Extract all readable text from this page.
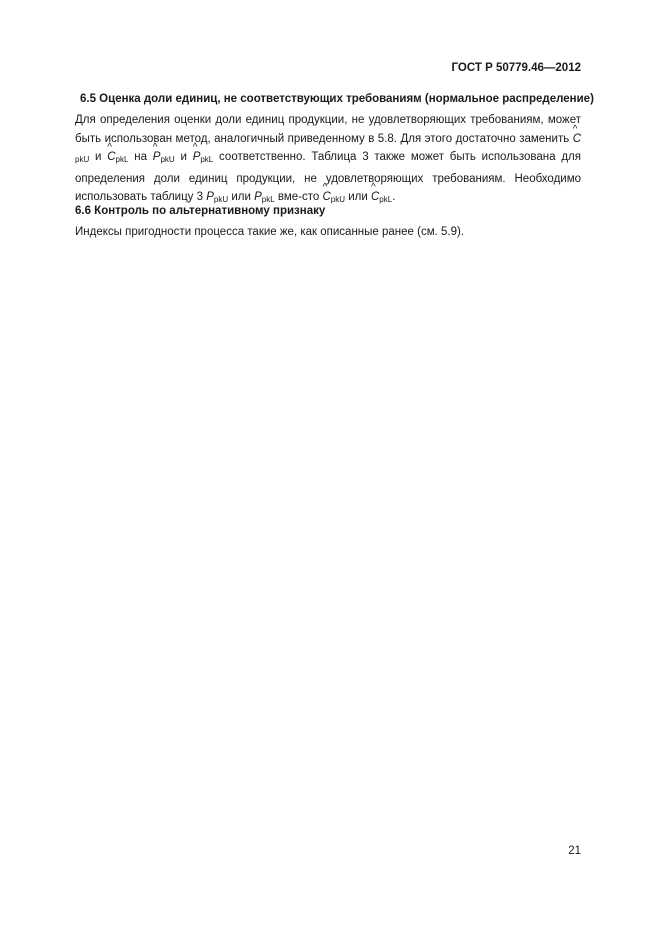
ГОСТ Р 50779.46—2012
6.5 Оценка доли единиц, не соответствующих требованиям (нормальное распределение)

Для определения оценки доли единиц продукции, не удовлетворяющих требованиям, может быть использован метод, аналогичный приведенному в 5.8. Для этого достаточно заменить ^ $C_{pkU}$ и ^ $C_{pkL}$ на ^ $P_{pkU}$ и ^ $P_{pkL}$ соответственно. Таблица 3 также может быть использована для определения доли единиц продукции, не удовлетворяющих требованиям. Необходимо использовать таблицу 3 $P_{pkU}$ или $P_{pkL}$ вме-сто ^ $C_{pkU}$ или ^ $C_{pkL}$.

6.6 Контроль по альтернативному признаку

Индексы пригодности процесса такие же, как описанные ранее (см. 5.9).

21
